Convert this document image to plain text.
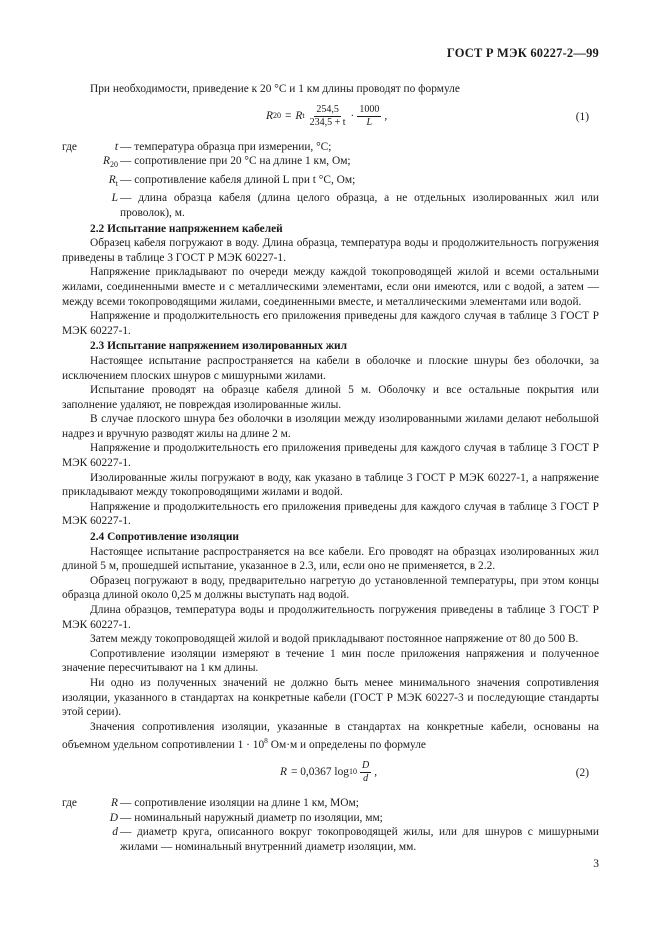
ГОСТ Р МЭК 60227-2—99

При необходимости, приведение к 20 °С и 1 км длины проводят по формуле

R 20 = R t $\frac{254,5}{234,5 + t} \cdot \frac{1000}{L}$ ,	(1)
где	t — температура образца при измерении, °С;
$R_{20}$ — сопротивление при 20 °С на длине 1 км, Ом;
$R_t$ — сопротивление кабеля длиной L при t °С, Ом;
L — длина образца кабеля (длина целого образца, а не отдельных изолированных жил или проволок), м.

2.2 Испытание напряжением кабелей

Образец кабеля погружают в воду. Длина образца, температура воды и продолжительность погружения приведены в таблице 3 ГОСТ Р МЭК 60227-1.

Напряжение прикладывают по очереди между каждой токопроводящей жилой и всеми остальными жилами, соединенными вместе и с металлическими элементами, если они имеются, или с водой, а затем — между всеми токопроводящими жилами, соединенными вместе, и металлическими элементами или водой.

Напряжение и продолжительность его приложения приведены для каждого случая в таблице 3 ГОСТ Р МЭК 60227-1.

2.3 Испытание напряжением изолированных жил

Настоящее испытание распространяется на кабели в оболочке и плоские шнуры без оболочки, за исключением плоских шнуров с мишурными жилами.

Испытание проводят на образце кабеля длиной 5 м. Оболочку и все остальные покрытия или заполнение удаляют, не повреждая изолированные жилы.

В случае плоского шнура без оболочки в изоляции между изолированными жилами делают небольшой надрез и вручную разводят жилы на длине 2 м.

Напряжение и продолжительность его приложения приведены для каждого случая в таблице 3 ГОСТ Р МЭК 60227-1.

Изолированные жилы погружают в воду, как указано в таблице 3 ГОСТ Р МЭК 60227-1, а напряжение прикладывают между токопроводящими жилами и водой.

Напряжение и продолжительность его приложения приведены для каждого случая в таблице 3 ГОСТ Р МЭК 60227-1.

2.4 Сопротивление изоляции

Настоящее испытание распространяется на все кабели. Его проводят на образцах изолированных жил длиной 5 м, прошедшей испытание, указанное в 2.3, или, если оно не применяется, в 2.2.

Образец погружают в воду, предварительно нагретую до установленной температуры, при этом концы образца длиной около 0,25 м должны выступать над водой.

Длина образцов, температура воды и продолжительность погружения приведены в таблице 3 ГОСТ Р МЭК 60227-1.

Затем между токопроводящей жилой и водой прикладывают постоянное напряжение от 80 до 500 В.

Сопротивление изоляции измеряют в течение 1 мин после приложения напряжения и полученное значение пересчитывают на 1 км длины.

Ни одно из полученных значений не должно быть менее минимального значения сопротивления изоляции, указанного в стандартах на конкретные кабели (ГОСТ Р МЭК 60227-3 и последующие стандарты этой серии).

Значения сопротивления изоляции, указанные в стандартах на конкретные кабели, основаны на объемном удельном сопротивлении $1 \cdot 10^8$ Ом·м и определены по формуле

R = 0,0367 $\log 10 \frac{D}{d}$ ,	(2)
где	R — сопротивление изоляции на длине 1 км, МОм;
D — номинальный наружный диаметр по изоляции, мм;
d — диаметр круга, описанного вокруг токопроводящей жилы, или для шнуров с мишурными жилами — номинальный внутренний диаметр изоляции, мм.
3
